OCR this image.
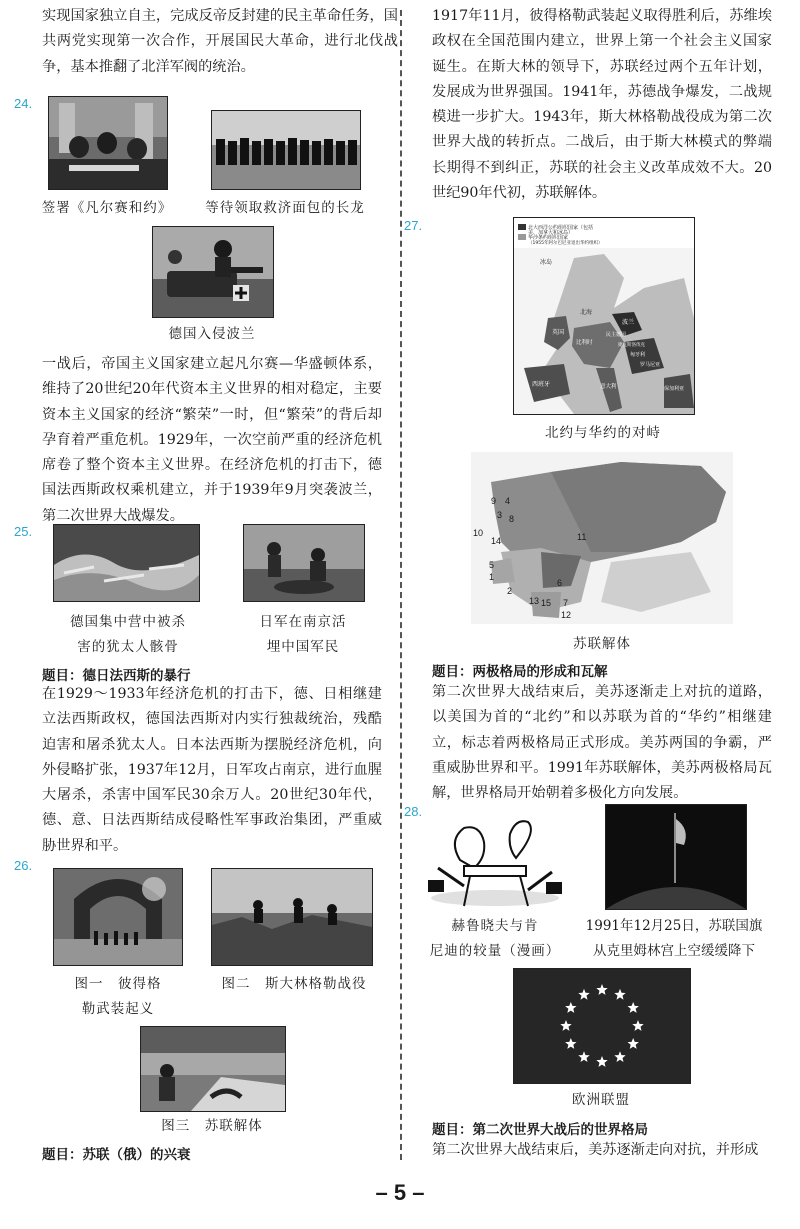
实现国家独立自主，完成反帝反封建的民主革命任务，国共两党实现第一次合作，开展国民大革命，进行北伐战争，基本推翻了北洋军阀的统治。

24.
签署《凡尔赛和约》	等待领取救济面包的长龙
德国入侵波兰

一战后，帝国主义国家建立起凡尔赛—华盛顿体系，维持了20世纪20年代资本主义世界的相对稳定，主要资本主义国家的经济“繁荣”一时，但“繁荣”的背后却孕育着严重危机。1929年，一次空前严重的经济危机席卷了整个资本主义世界。在经济危机的打击下，德国法西斯政权乘机建立，并于1939年9月突袭波兰，第二次世界大战爆发。

25.
德国集中营中被杀
害的犹太人骸骨
日军在南京活
埋中国军民
题目：德日法西斯的暴行

在1929～1933年经济危机的打击下，德、日相继建立法西斯政权，德国法西斯对内实行独裁统治，残酷迫害和屠杀犹太人。日本法西斯为摆脱经济危机，向外侵略扩张，1937年12月，日军攻占南京，进行血腥大屠杀，杀害中国军民30余万人。20世纪30年代，德、意、日法西斯结成侵略性军事政治集团，严重威胁世界和平。

26.
图一　彼得格
勒武装起义
图二　斯大林格勒战役
图三　苏联解体
题目：苏联（俄）的兴衰

1917年11月，彼得格勒武装起义取得胜利后，苏维埃政权在全国范围内建立，世界上第一个社会主义国家诞生。在斯大林的领导下，苏联经过两个五年计划，发展成为世界强国。1941年，苏德战争爆发，二战规模进一步扩大。1943年，斯大林格勒战役成为第二次世界大战的转折点。二战后，由于斯大林模式的弊端长期得不到纠正，苏联的社会主义改革成效不大。20世纪90年代初，苏联解体。

27.	北大西洋公约组织国家（包括
美、加拿大和冰岛）
华沙条约组织国家
（1955年阿尔巴尼亚退出华约组织）
冰岛
北海
英国
比利时
西班牙	意大利
波兰
民主德国
捷克斯洛伐克
匈牙利
罗马尼亚
保加利亚
北约与华约的对峙
9 4
3 8
10
14	11
5
1
2
6
13 15 7
12
苏联解体
题目：两极格局的形成和瓦解

第二次世界大战结束后，美苏逐渐走上对抗的道路，以美国为首的“北约”和以苏联为首的“华约”相继建立，标志着两极格局正式形成。美苏两国的争霸，严重威胁世界和平。1991年苏联解体，美苏两极格局瓦解，世界格局开始朝着多极化方向发展。

28.
赫鲁晓夫与肯
尼迪的较量（漫画）
1991年12月25日，苏联国旗
从克里姆林宫上空缓缓降下
欧洲联盟
题目：第二次世界大战后的世界格局

第二次世界大战结束后，美苏逐渐走向对抗，并形成

– 5 –
